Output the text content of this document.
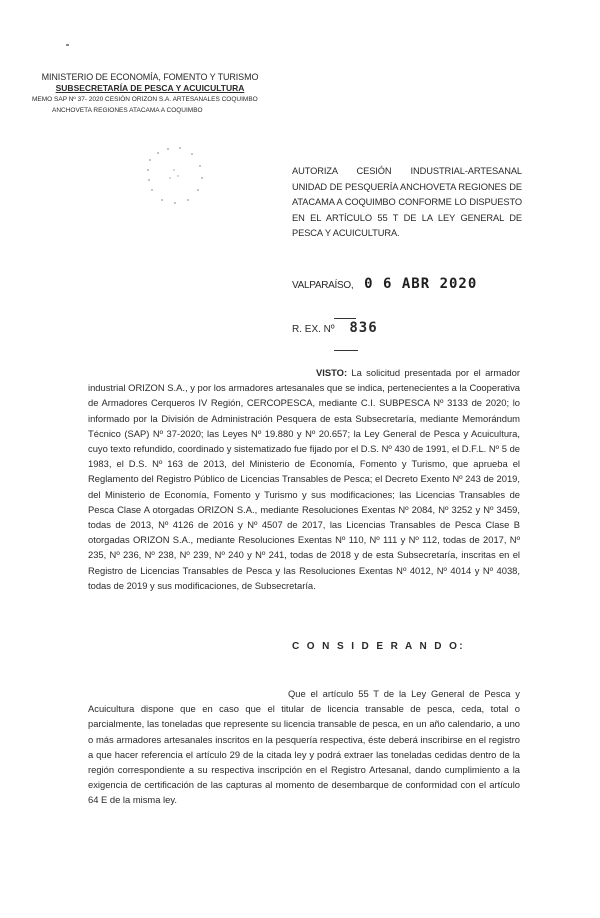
MINISTERIO DE ECONOMÍA, FOMENTO Y TURISMO
SUBSECRETARÍA DE PESCA Y ACUICULTURA
MEMO SAP Nº 37- 2020 CESIÓN ORIZON S.A. ARTESANALES COQUIMBO
ANCHOVETA REGIONES ATACAMA A COQUIMBO
AUTORIZA CESIÓN INDUSTRIAL-ARTESANAL UNIDAD DE PESQUERÍA ANCHOVETA REGIONES DE ATACAMA A COQUIMBO CONFORME LO DISPUESTO EN EL ARTÍCULO 55 T DE LA LEY GENERAL DE PESCA Y ACUICULTURA.
VALPARAÍSO, 0 6 ABR 2020
R. EX. Nº 836
VISTO: La solicitud presentada por el armador industrial ORIZON S.A., y por los armadores artesanales que se indica, pertenecientes a la Cooperativa de Armadores Cerqueros IV Región, CERCOPESCA, mediante C.I. SUBPESCA Nº 3133 de 2020; lo informado por la División de Administración Pesquera de esta Subsecretaría, mediante Memorándum Técnico (SAP) Nº 37-2020; las Leyes Nº 19.880 y Nº 20.657; la Ley General de Pesca y Acuicultura, cuyo texto refundido, coordinado y sistematizado fue fijado por el D.S. Nº 430 de 1991, el D.F.L. Nº 5 de 1983, el D.S. Nº 163 de 2013, del Ministerio de Economía, Fomento y Turismo, que aprueba el Reglamento del Registro Público de Licencias Transables de Pesca; el Decreto Exento Nº 243 de 2019, del Ministerio de Economía, Fomento y Turismo y sus modificaciones; las Licencias Transables de Pesca Clase A otorgadas ORIZON S.A., mediante Resoluciones Exentas Nº 2084, Nº 3252 y Nº 3459, todas de 2013, Nº 4126 de 2016 y Nº 4507 de 2017, las Licencias Transables de Pesca Clase B otorgadas ORIZON S.A., mediante Resoluciones Exentas Nº 110, Nº 111 y Nº 112, todas de 2017, Nº 235, Nº 236, Nº 238, Nº 239, Nº 240 y Nº 241, todas de 2018 y de esta Subsecretaría, inscritas en el Registro de Licencias Transables de Pesca y las Resoluciones Exentas Nº 4012, Nº 4014 y Nº 4038, todas de 2019 y sus modificaciones, de Subsecretaría.
C O N S I D E R A N D O:
Que el artículo 55 T de la Ley General de Pesca y Acuicultura dispone que en caso que el titular de licencia transable de pesca, ceda, total o parcialmente, las toneladas que represente su licencia transable de pesca, en un año calendario, a uno o más armadores artesanales inscritos en la pesquería respectiva, éste deberá inscribirse en el registro a que hacer referencia el artículo 29 de la citada ley y podrá extraer las toneladas cedidas dentro de la región correspondiente a su respectiva inscripción en el Registro Artesanal, dando cumplimiento a la exigencia de certificación de las capturas al momento de desembarque de conformidad con el artículo 64 E de la misma ley.
